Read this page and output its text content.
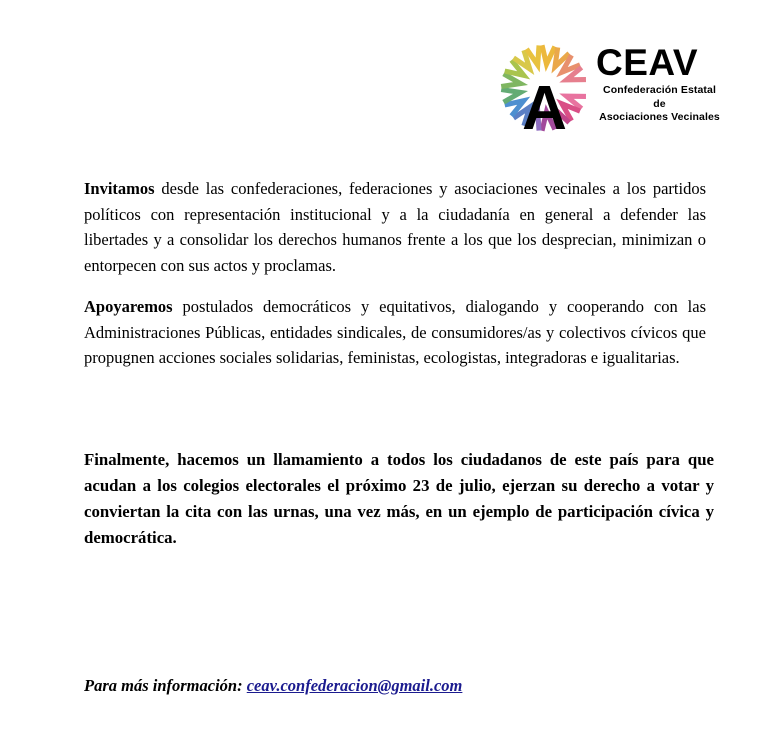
A
CEAV
Confederación Estatal
de
Asociaciones Vecinales

Invitamos desde las confederaciones, federaciones y asociaciones vecinales a los partidos políticos con representación institucional y a la ciudadanía en general a defender las libertades y a consolidar los derechos humanos frente a los que los desprecian, minimizan o entorpecen con sus actos y proclamas.

Apoyaremos postulados democráticos y equitativos, dialogando y cooperando con las Administraciones Públicas, entidades sindicales, de consumidores/as y colectivos cívicos que propugnen acciones sociales solidarias, feministas, ecologistas, integradoras e igualitarias.

Finalmente, hacemos un llamamiento a todos los ciudadanos de este país para que acudan a los colegios electorales el próximo 23 de julio, ejerzan su derecho a votar y conviertan la cita con las urnas, una vez más, en un ejemplo de participación cívica y democrática.

Para más información: ceav.confederacion@gmail.com
